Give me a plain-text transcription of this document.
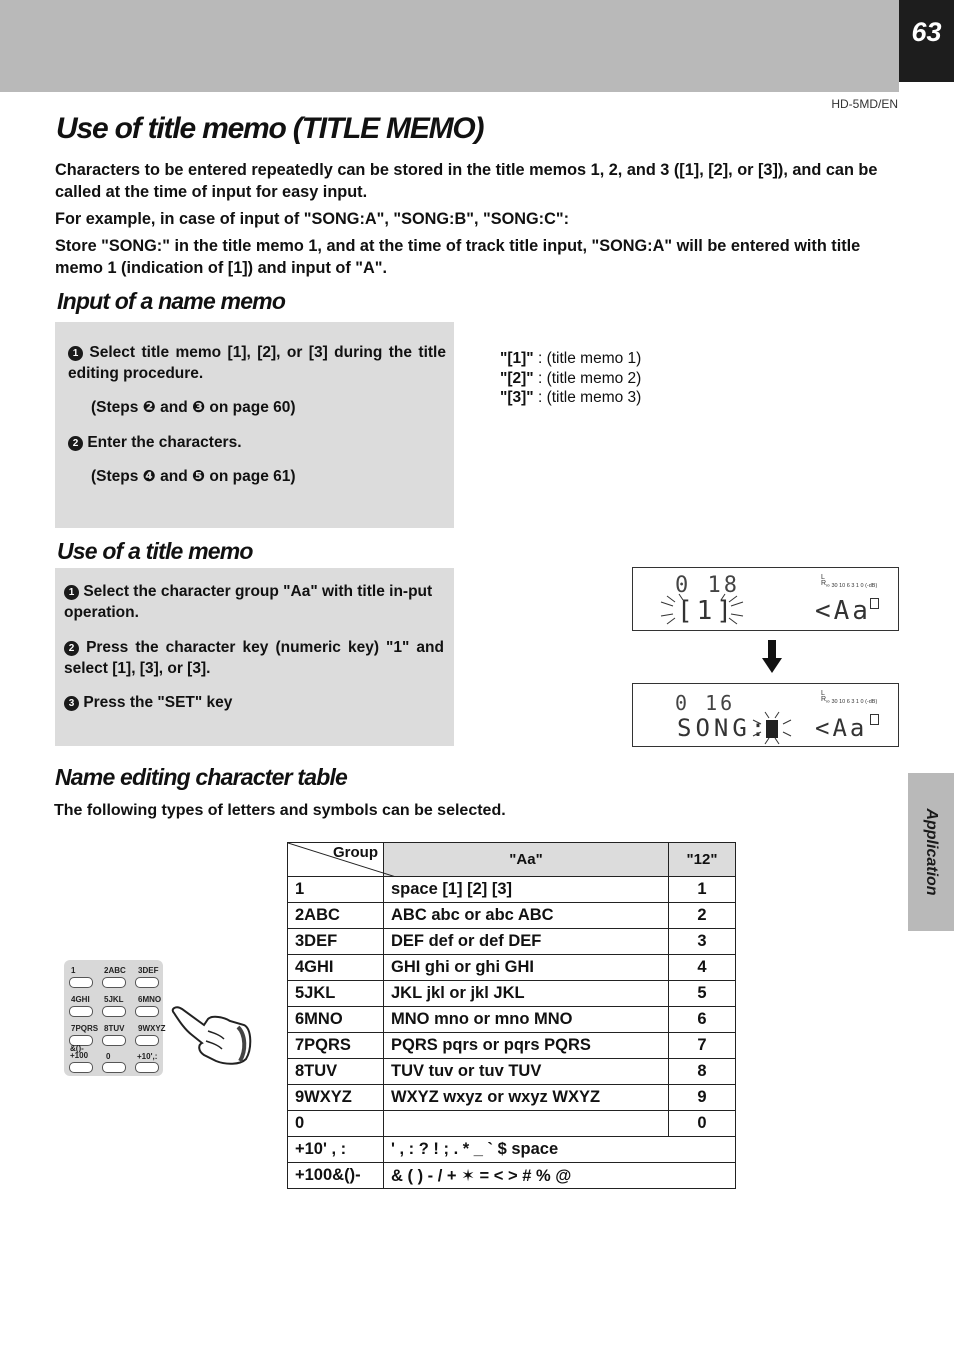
63
HD-5MD/EN
Use of title memo (TITLE MEMO)
Characters to be entered repeatedly can be stored in the title memos 1, 2, and 3 ([1], [2], or [3]), and can be called at the time of input for easy input.
For example, in case of input of "SONG:A", "SONG:B", "SONG:C":
Store "SONG:" in the title memo 1, and at the time of track title input, "SONG:A" will be entered with title memo 1 (indication of [1]) and input of "A".
Input of a name memo
1 Select title memo [1], [2], or [3] during the title editing procedure.
(Steps ❷ and ❸ on page 60)
2 Enter the characters.
(Steps ❹ and ❺ on page 61)
"[1]" : (title memo 1)
"[2]" : (title memo 2)
"[3]" : (title memo 3)
Use of a title memo
1 Select the character group "Aa" with title in-put operation.
2 Press the character key (numeric key) "1" and select [1], [3], or [3].
3 Press the "SET" key
0 18
[1]	<Aa
L
R ∞ 30 10 6 3 1 0 (-dB)
0 16
SONG: <Aa
L
R ∞ 30 10 6 3 1 0 (-dB)
Name editing character table
The following types of letters and symbols can be selected.	Application
1	2ABC 3DEF
4GHI 5JKL 6MNO
7PQRS 8TUV 9WXYZ
&()-
+100 0	+10',:
Group	"Aa"	"12"
1	space [1] [2] [3]	1
2ABC	ABC abc or abc ABC	2
3DEF	DEF def or def DEF	3
4GHI	GHI ghi or ghi GHI	4
5JKL	JKL jkl or jkl JKL	5
6MNO	MNO mno or mno MNO	6
7PQRS	PQRS pqrs or pqrs PQRS	7
8TUV	TUV tuv or tuv TUV	8
9WXYZ	WXYZ wxyz or wxyz WXYZ	9
0		0
+10' , :	' , : ? ! ; . * _ ` $ space	
+100&()-	& ( ) - / + ✶ = < > # % @	
